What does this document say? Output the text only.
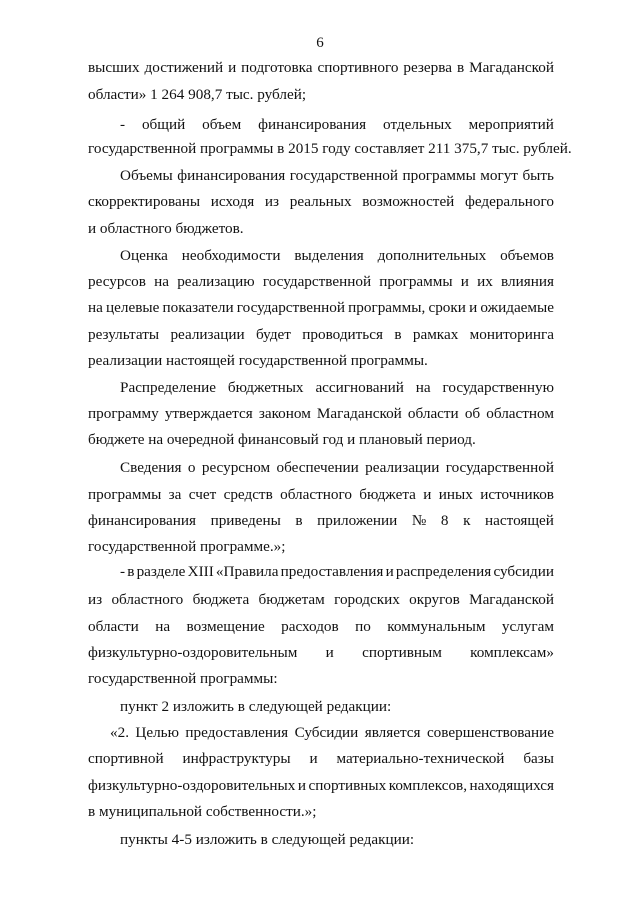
6
высших достижений и подготовка спортивного резерва в Магаданской
области» 1 264 908,7 тыс. рублей;
- общий объем финансирования отдельных мероприятий
государственной программы в 2015 году составляет 211 375,7 тыс. рублей.
Объемы финансирования государственной программы могут быть
скорректированы исходя из реальных возможностей федерального
и областного бюджетов.
Оценка необходимости выделения дополнительных объемов
ресурсов на реализацию государственной программы и их влияния
на целевые показатели государственной программы, сроки и ожидаемые
результаты реализации будет проводиться в рамках мониторинга
реализации настоящей государственной программы.
Распределение бюджетных ассигнований на государственную
программу утверждается законом Магаданской области об областном
бюджете на очередной финансовый год и плановый период.
Сведения о ресурсном обеспечении реализации государственной
программы за счет средств областного бюджета и иных источников
финансирования приведены в приложении № 8 к настоящей
государственной программе.»;
- в разделе XIII «Правила предоставления и распределения субсидии
из областного бюджета бюджетам городских округов Магаданской
области на возмещение расходов по коммунальным услугам
физкультурно-оздоровительным и спортивным комплексам»
государственной программы:
пункт 2 изложить в следующей редакции:
«2. Целью предоставления Субсидии является совершенствование
спортивной инфраструктуры и материально-технической базы
физкультурно-оздоровительных и спортивных комплексов, находящихся
в муниципальной собственности.»;
пункты 4-5 изложить в следующей редакции:
